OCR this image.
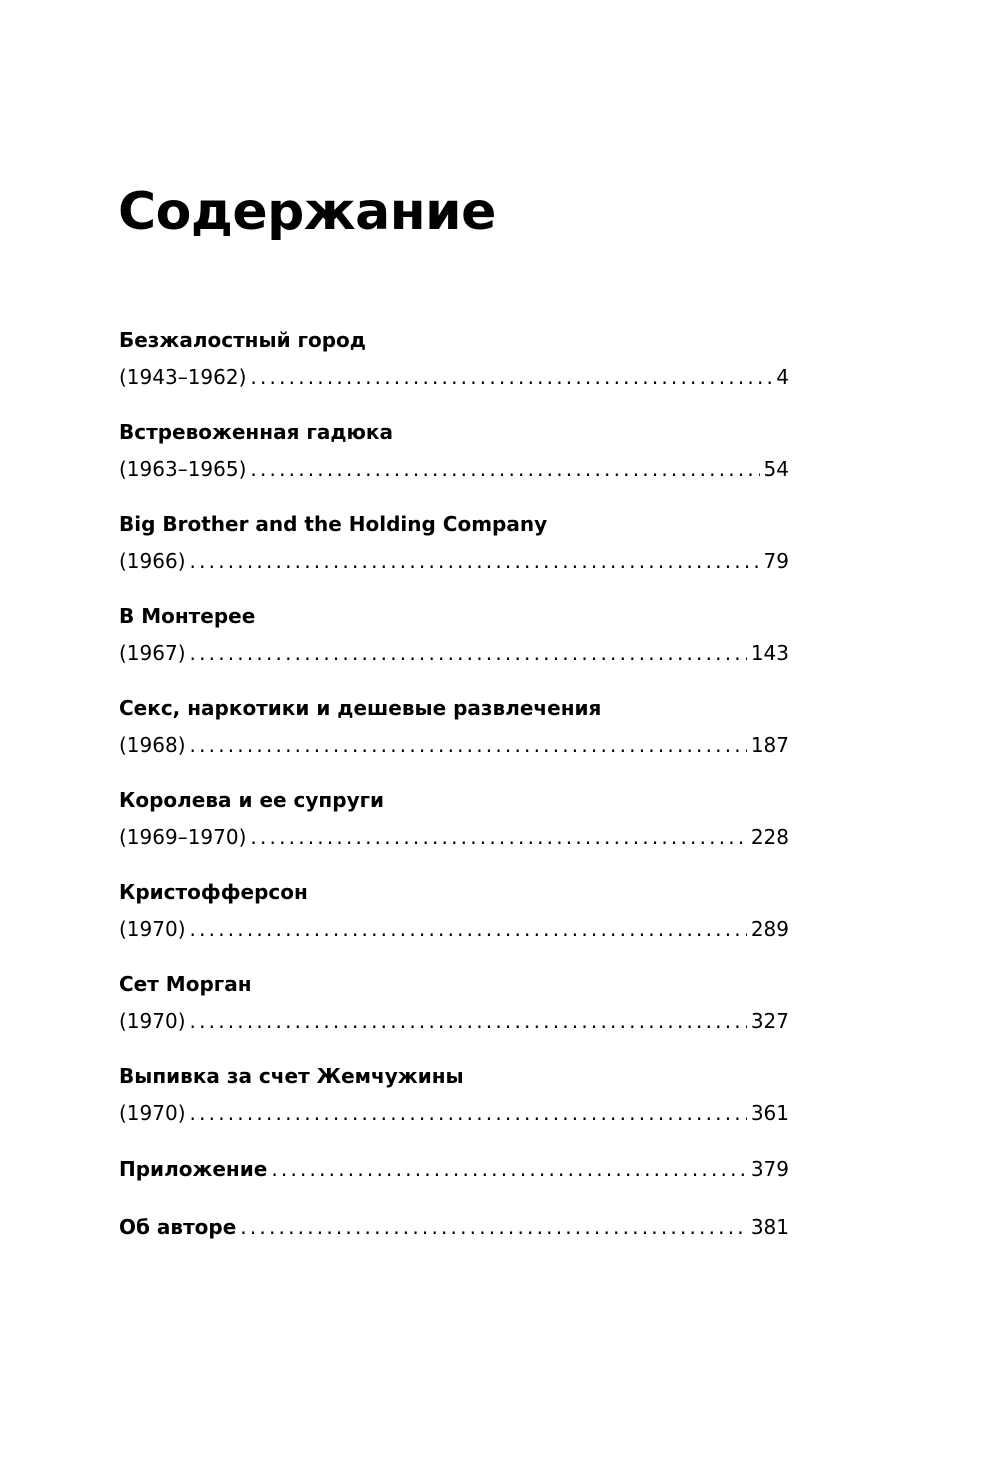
Содержание
Безжалостный город
(1943–1962) .....	4
Встревоженная гадюка
(1963–1965) .....	54
Big Brother and the Holding Company
(1966) .....	79
В Монтерее
(1967) .....	143
Секс, наркотики и дешевые развлечения
(1968) .....	187
Королева и ее супруги
(1969–1970) .....	228
Кристофферсон
(1970) .....	289
Сет Морган
(1970) .....	327
Выпивка за счет Жемчужины
(1970) .....	361
Приложение .....	379
Об авторе .....	381
